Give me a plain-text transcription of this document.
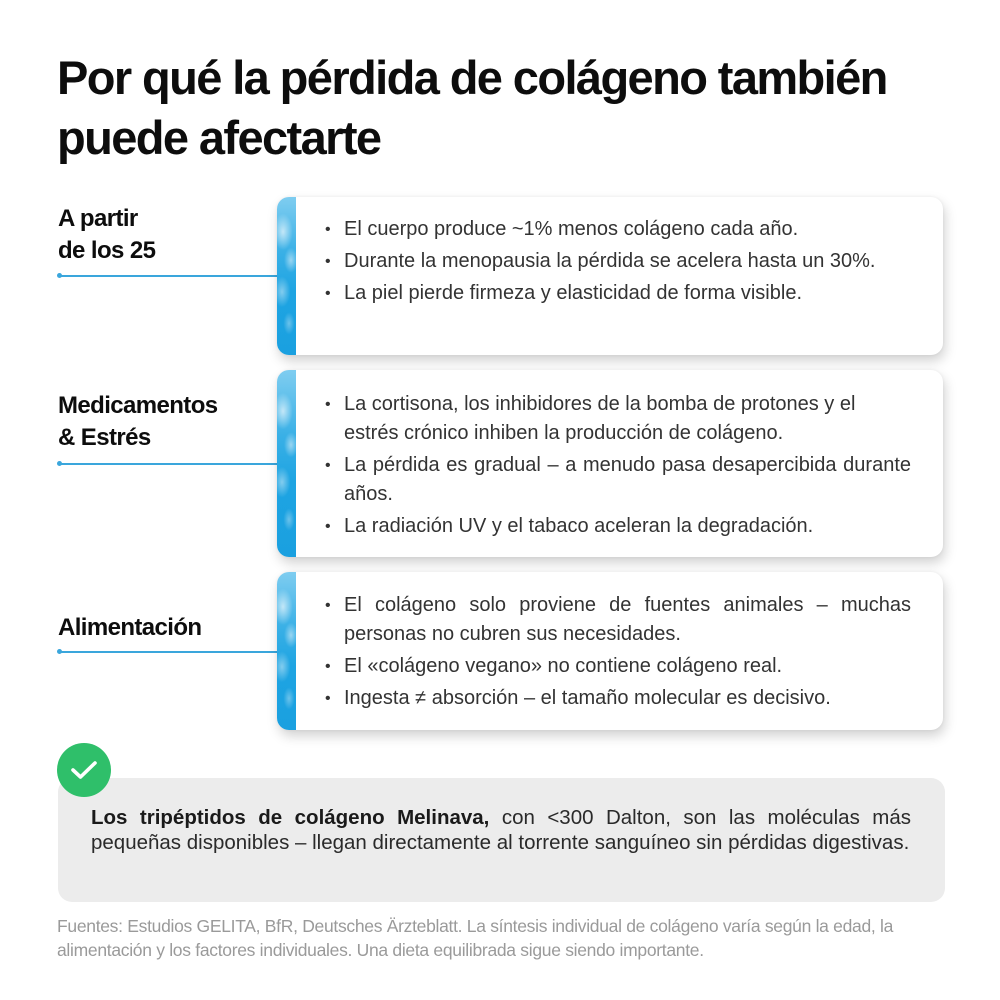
Por qué la pérdida de colágeno también
puede afectarte
A partir
de los 25
• El cuerpo produce ~1% menos colágeno cada año.
• Durante la menopausia la pérdida se acelera hasta un 30%.
• La piel pierde firmeza y elasticidad de forma visible.
Medicamentos
& Estrés
• La cortisona, los inhibidores de la bomba de protones y el estrés crónico inhiben la producción de colágeno.
• La pérdida es gradual – a menudo pasa desapercibida durante años.
• La radiación UV y el tabaco aceleran la degradación.
Alimentación
• El colágeno solo proviene de fuentes animales – muchas personas no cubren sus necesidades.
• El «colágeno vegano» no contiene colágeno real.
• Ingesta ≠ absorción – el tamaño molecular es decisivo.

Los tripéptidos de colágeno Melinava, con <300 Dalton, son las moléculas más pequeñas disponibles – llegan directamente al torrente sanguíneo sin pérdidas digestivas.

Fuentes: Estudios GELITA, BfR, Deutsches Ärzteblatt. La síntesis individual de colágeno varía según la edad, la alimentación y los factores individuales. Una dieta equilibrada sigue siendo importante.
